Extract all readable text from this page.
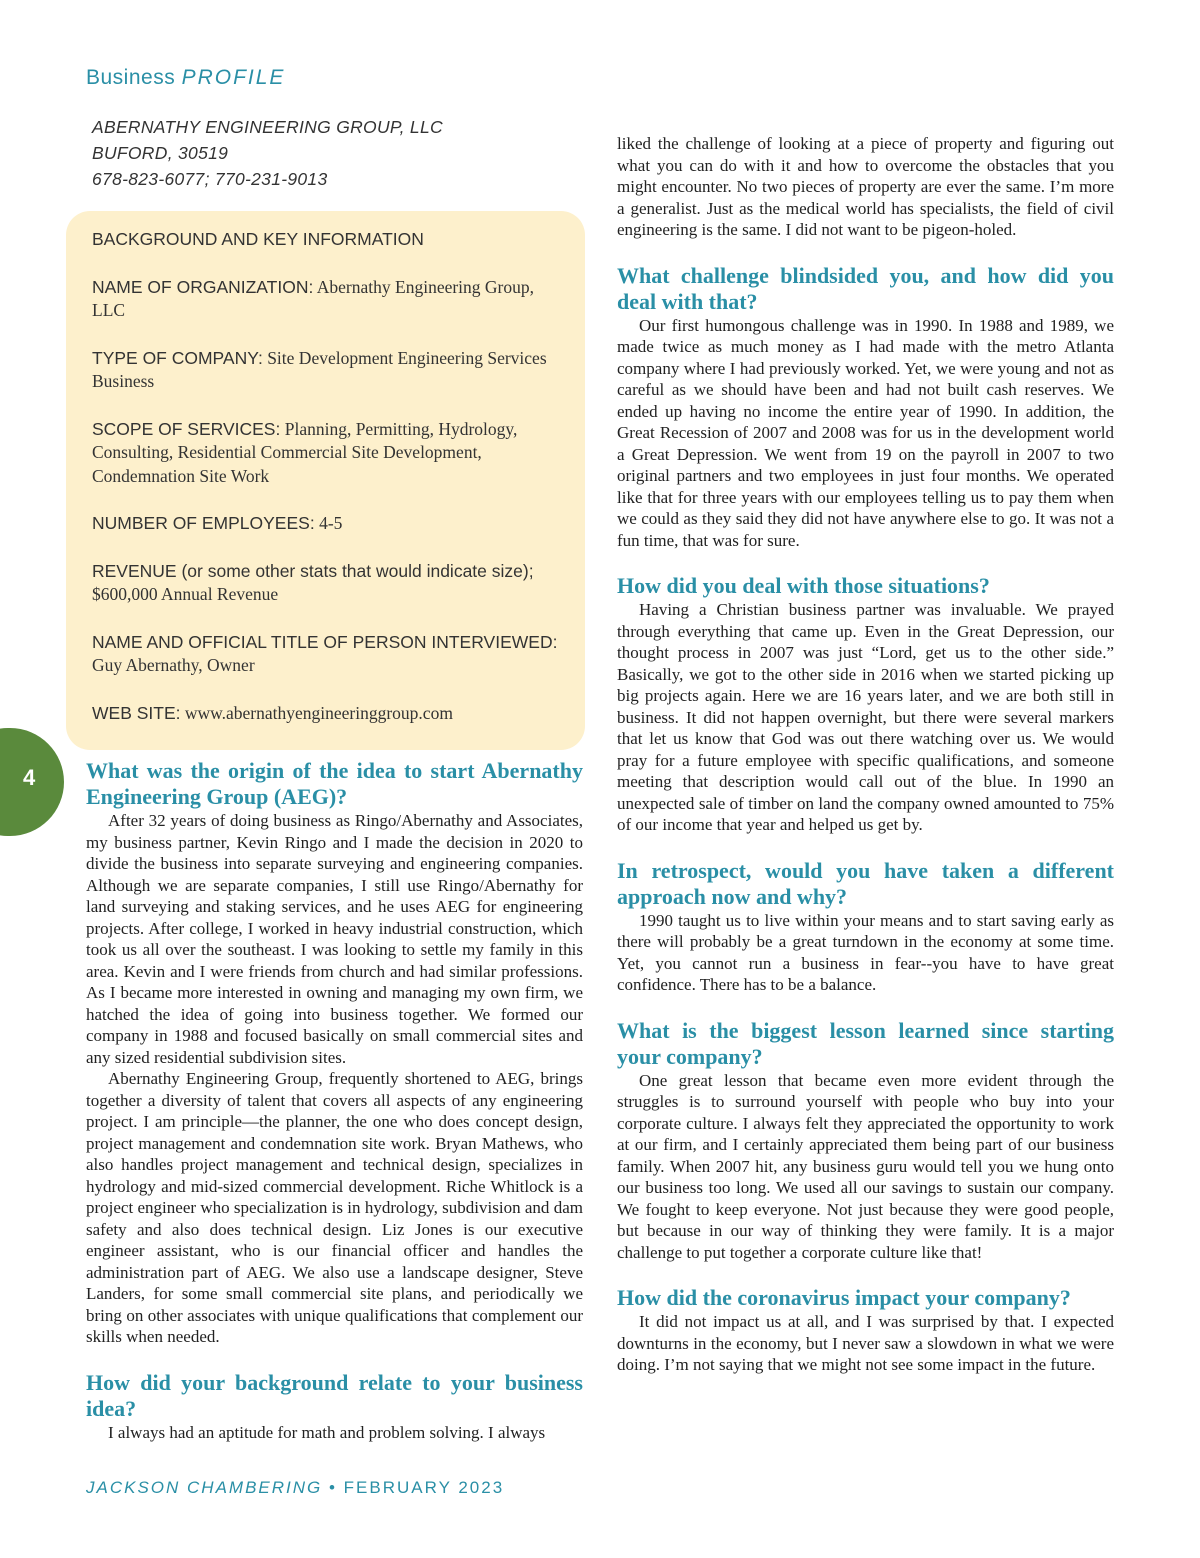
Business PROFILE
ABERNATHY ENGINEERING GROUP, LLC
BUFORD, 30519
678-823-6077; 770-231-9013
BACKGROUND AND KEY INFORMATION
NAME OF ORGANIZATION: Abernathy Engineering Group, LLC
TYPE OF COMPANY: Site Development Engineering Services Business
SCOPE OF SERVICES: Planning, Permitting, Hydrology, Consulting, Residential Commercial Site Development, Condemnation Site Work
NUMBER OF EMPLOYEES: 4-5
REVENUE (or some other stats that would indicate size);
$600,000 Annual Revenue
NAME AND OFFICIAL TITLE OF PERSON INTERVIEWED:
Guy Abernathy, Owner
WEB SITE: www.abernathyengineeringgroup.com
4 What was the origin of the idea to start Abernathy Engineering Group (AEG)?

After 32 years of doing business as Ringo/Abernathy and Associates, my business partner, Kevin Ringo and I made the decision in 2020 to divide the business into separate surveying and engineering companies. Although we are separate companies, I still use Ringo/Abernathy for land surveying and staking services, and he uses AEG for engineering projects. After college, I worked in heavy industrial construction, which took us all over the southeast. I was looking to settle my family in this area. Kevin and I were friends from church and had similar professions. As I became more interested in owning and managing my own firm, we hatched the idea of going into business together. We formed our company in 1988 and focused basically on small commercial sites and any sized residential subdivision sites.

Abernathy Engineering Group, frequently shortened to AEG, brings together a diversity of talent that covers all aspects of any engineering project. I am principle—the planner, the one who does concept design, project management and condemnation site work. Bryan Mathews, who also handles project management and technical design, specializes in hydrology and mid-sized commercial development. Riche Whitlock is a project engineer who specialization is in hydrology, subdivision and dam safety and also does technical design. Liz Jones is our executive engineer assistant, who is our financial officer and handles the administration part of AEG. We also use a landscape designer, Steve Landers, for some small commercial site plans, and periodically we bring on other associates with unique qualifications that complement our skills when needed.

How did your background relate to your business idea?

I always had an aptitude for math and problem solving. I always

liked the challenge of looking at a piece of property and figuring out what you can do with it and how to overcome the obstacles that you might encounter. No two pieces of property are ever the same. I’m more a generalist. Just as the medical world has specialists, the field of civil engineering is the same. I did not want to be pigeon-holed.

What challenge blindsided you, and how did you deal with that?

Our first humongous challenge was in 1990. In 1988 and 1989, we made twice as much money as I had made with the metro Atlanta company where I had previously worked. Yet, we were young and not as careful as we should have been and had not built cash reserves. We ended up having no income the entire year of 1990. In addition, the Great Recession of 2007 and 2008 was for us in the development world a Great Depression. We went from 19 on the payroll in 2007 to two original partners and two employees in just four months. We operated like that for three years with our employees telling us to pay them when we could as they said they did not have anywhere else to go. It was not a fun time, that was for sure.

How did you deal with those situations?

Having a Christian business partner was invaluable. We prayed through everything that came up. Even in the Great Depression, our thought process in 2007 was just “Lord, get us to the other side.” Basically, we got to the other side in 2016 when we started picking up big projects again. Here we are 16 years later, and we are both still in business. It did not happen overnight, but there were several markers that let us know that God was out there watching over us. We would pray for a future employee with specific qualifications, and someone meeting that description would call out of the blue. In 1990 an unexpected sale of timber on land the company owned amounted to 75% of our income that year and helped us get by.

In retrospect, would you have taken a different approach now and why?

1990 taught us to live within your means and to start saving early as there will probably be a great turndown in the economy at some time. Yet, you cannot run a business in fear--you have to have great confidence. There has to be a balance.

What is the biggest lesson learned since starting your company?

One great lesson that became even more evident through the struggles is to surround yourself with people who buy into your corporate culture. I always felt they appreciated the opportunity to work at our firm, and I certainly appreciated them being part of our business family. When 2007 hit, any business guru would tell you we hung onto our business too long. We used all our savings to sustain our company. We fought to keep everyone. Not just because they were good people, but because in our way of thinking they were family. It is a major challenge to put together a corporate culture like that!

How did the coronavirus impact your company?

It did not impact us at all, and I was surprised by that. I expected downturns in the economy, but I never saw a slowdown in what we were doing. I’m not saying that we might not see some impact in the future.

JACKSON CHAMBERING • FEBRUARY 2023
